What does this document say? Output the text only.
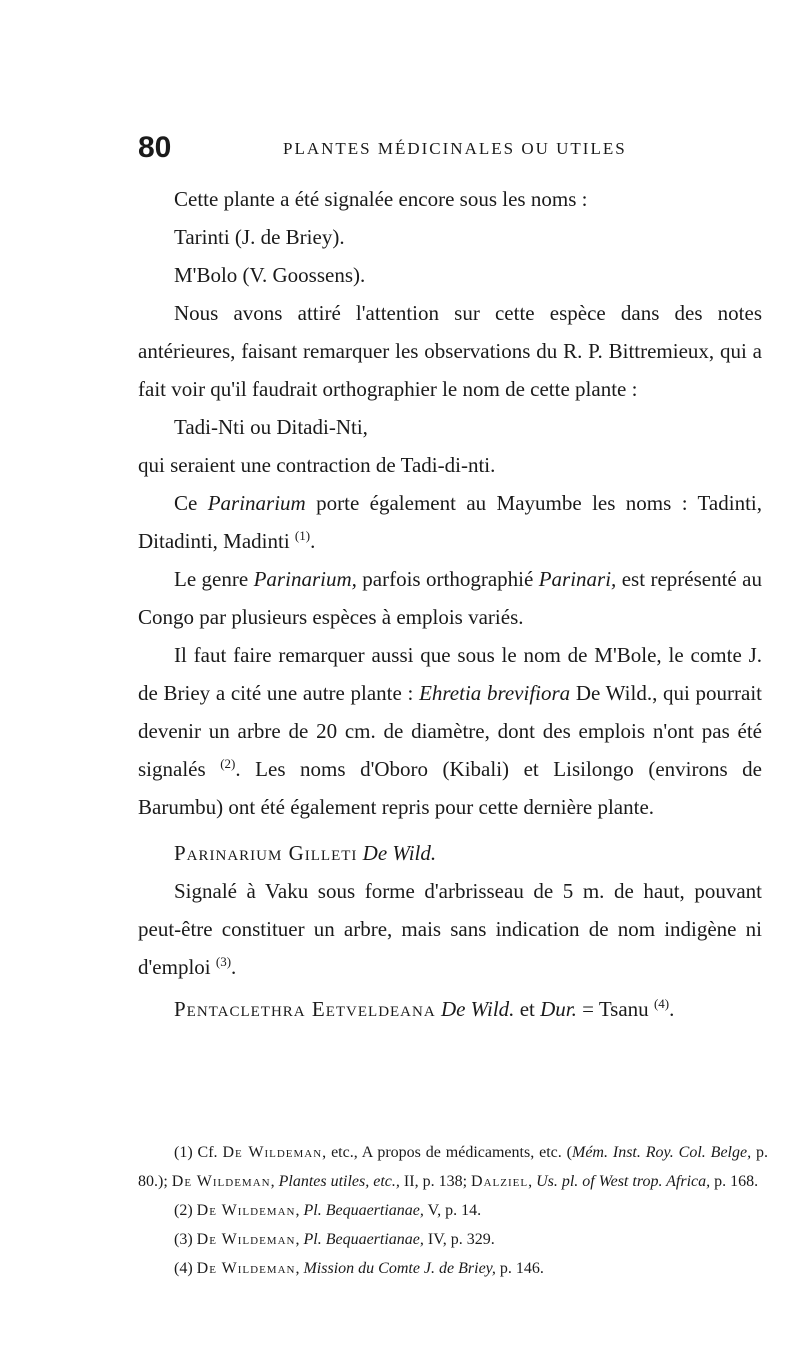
80	PLANTES MÉDICINALES OU UTILES

Cette plante a été signalée encore sous les noms :

Tarinti (J. de Briey).

M'Bolo (V. Goossens).

Nous avons attiré l'attention sur cette espèce dans des notes antérieures, faisant remarquer les observations du R. P. Bittremieux, qui a fait voir qu'il faudrait orthographier le nom de cette plante :

Tadi-Nti ou Ditadi-Nti,

qui seraient une contraction de Tadi-di-nti.

Ce Parinarium porte également au Mayumbe les noms : Tadinti, Ditadinti, Madinti $^{(1)}$.

Le genre Parinarium, parfois orthographié Parinari, est représenté au Congo par plusieurs espèces à emplois variés.

Il faut faire remarquer aussi que sous le nom de M'Bole, le comte J. de Briey a cité une autre plante : Ehretia brevifiora De Wild., qui pourrait devenir un arbre de 20 cm. de diamètre, dont des emplois n'ont pas été signalés $^{(2)}$. Les noms d'Oboro (Kibali) et Lisilongo (environs de Barumbu) ont été également repris pour cette dernière plante.

Parinarium Gilleti De Wild.

Signalé à Vaku sous forme d'arbrisseau de 5 m. de haut, pouvant peut-être constituer un arbre, mais sans indication de nom indigène ni d'emploi $^{(3)}$.

Pentaclethra Eetveldeana De Wild. et Dur. = Tsanu $^{(4)}$.

(1) Cf. De Wildeman, etc., A propos de médicaments, etc. (Mém. Inst. Roy. Col. Belge, p. 80.); De Wildeman, Plantes utiles, etc., II, p. 138; Dalziel, Us. pl. of West trop. Africa, p. 168.

(2) De Wildeman, Pl. Bequaertianae, V, p. 14.

(3) De Wildeman, Pl. Bequaertianae, IV, p. 329.

(4) De Wildeman, Mission du Comte J. de Briey, p. 146.
